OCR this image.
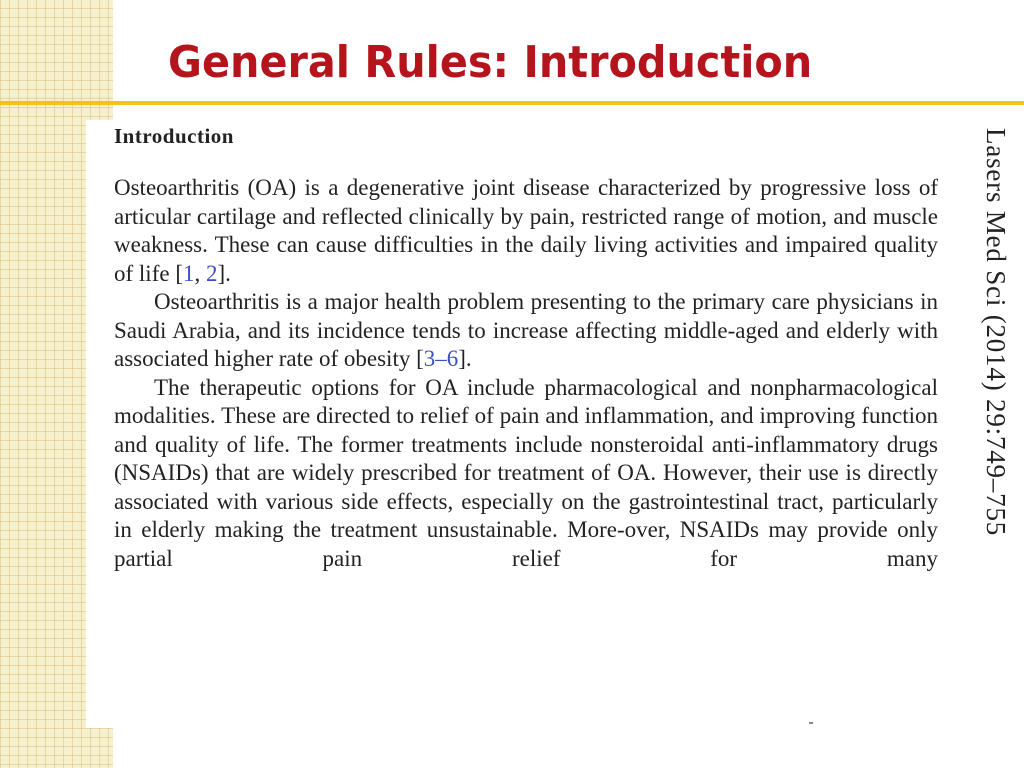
General Rules: Introduction
Introduction

Osteoarthritis (OA) is a degenerative joint disease characterized by progressive loss of articular cartilage and reflected clinically by pain, restricted range of motion, and muscle weakness. These can cause difficulties in the daily living activities and impaired quality of life [1, 2].

Osteoarthritis is a major health problem presenting to the primary care physicians in Saudi Arabia, and its incidence tends to increase affecting middle-aged and elderly with associated higher rate of obesity [3–6].

The therapeutic options for OA include pharmacological and nonpharmacological modalities. These are directed to relief of pain and inflammation, and improving function and quality of life. The former treatments include nonsteroidal anti-inflammatory drugs (NSAIDs) that are widely prescribed for treatment of OA. However, their use is directly associated with various side effects, especially on the gastrointestinal tract, particularly in elderly making the treatment unsustainable. More-over, NSAIDs may provide only partial pain relief for many

Lasers Med Sci (2014) 29:749–755
